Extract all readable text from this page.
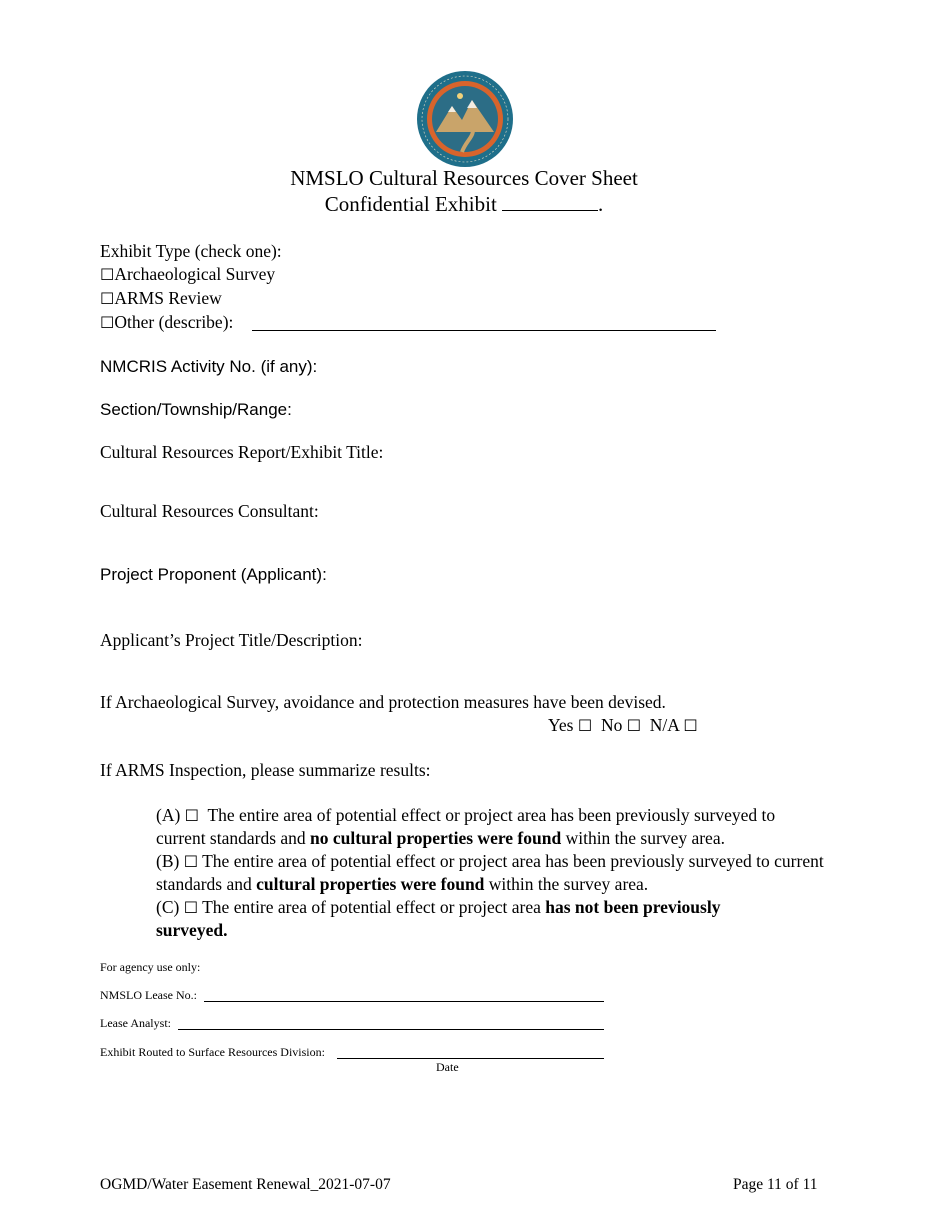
NMSLO Cultural Resources Cover Sheet
Confidential Exhibit	.
Exhibit Type (check one):
☐Archaeological Survey
☐ARMS Review
☐Other (describe):
NMCRIS Activity No. (if any):
Section/Township/Range:
Cultural Resources Report/Exhibit Title:
Cultural Resources Consultant:
Project Proponent (Applicant):
Applicant’s Project Title/Description:
If Archaeological Survey, avoidance and protection measures have been devised.
Yes ☐ No ☐ N/A ☐
If ARMS Inspection, please summarize results:
(A) ☐ The entire area of potential effect or project area has been previously surveyed to current standards and no cultural properties were found within the survey area.
(B) ☐ The entire area of potential effect or project area has been previously surveyed to current standards and cultural properties were found within the survey area.
(C) ☐ The entire area of potential effect or project area has not been previously surveyed.
For agency use only:
NMSLO Lease No.:
Lease Analyst:
Exhibit Routed to Surface Resources Division:
Date
OGMD/Water Easement Renewal_2021-07-07	Page 11 of 11
